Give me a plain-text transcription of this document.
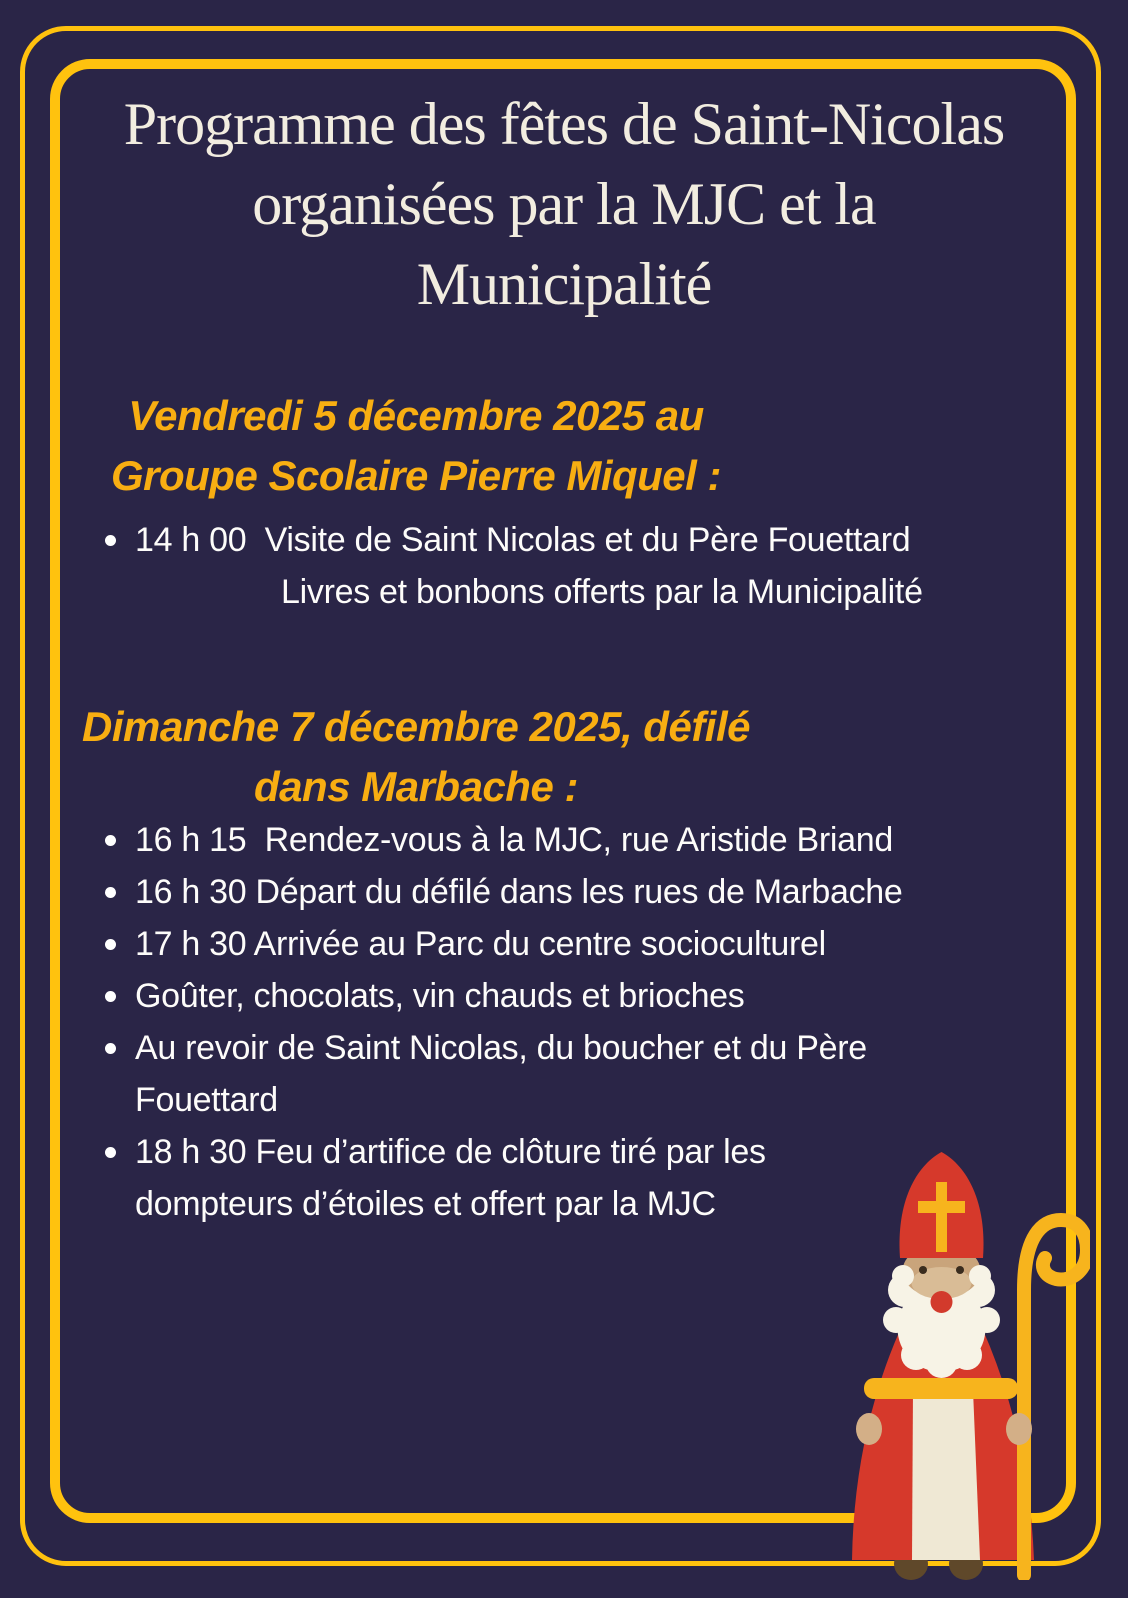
Programme des fêtes de Saint-Nicolas
organisées par la MJC et la
Municipalité
Vendredi 5 décembre 2025 au
Groupe Scolaire Pierre Miquel :
14 h 00  Visite de Saint Nicolas et du Père Fouettard
Livres et bonbons offerts par la Municipalité
Dimanche 7 décembre 2025, défilé
dans Marbache :
16 h 15  Rendez-vous à la MJC, rue Aristide Briand
16 h 30 Départ du défilé dans les rues de Marbache
17 h 30 Arrivée au Parc du centre socioculturel
Goûter, chocolats, vin chauds et brioches
Au revoir de Saint Nicolas, du boucher et du Père
Fouettard
18 h 30 Feu d’artifice de clôture tiré par les
dompteurs d’étoiles et offert par la MJC
